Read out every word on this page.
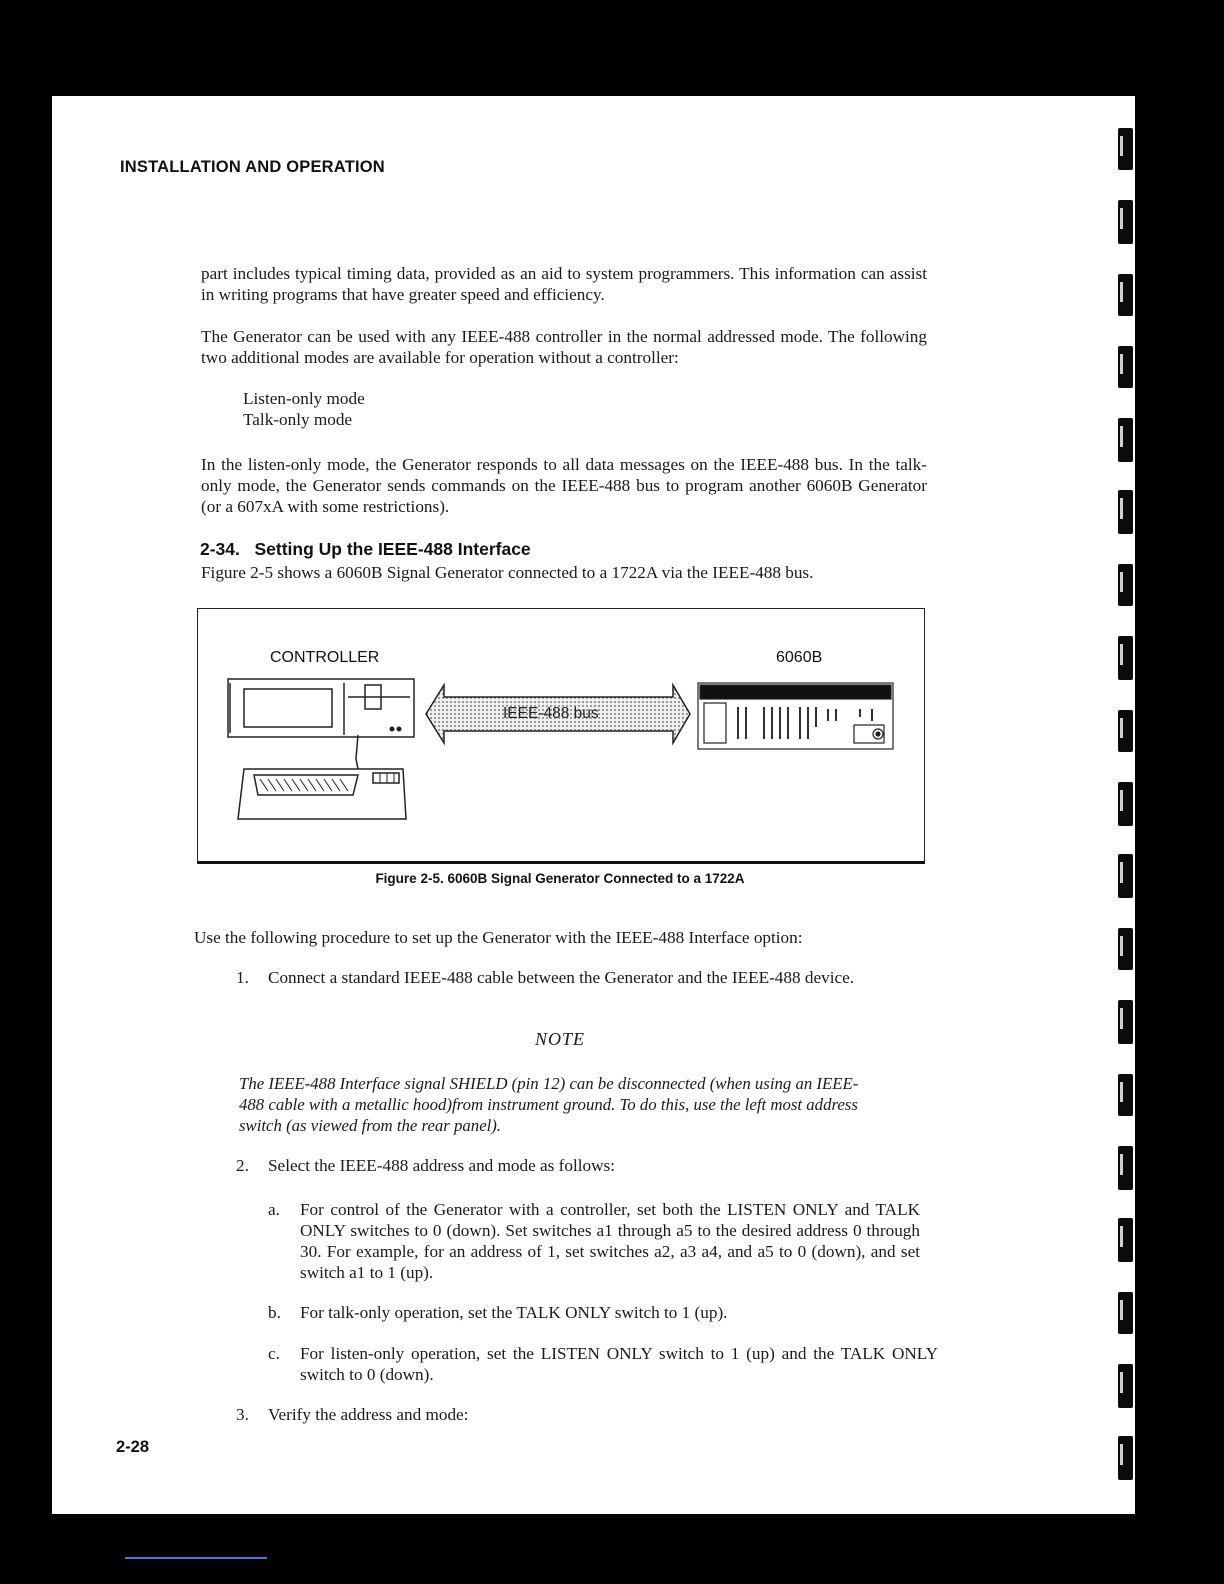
INSTALLATION AND OPERATION

part includes typical timing data, provided as an aid to system programmers. This information can assist in writing programs that have greater speed and efficiency.

The Generator can be used with any IEEE-488 controller in the normal addressed mode. The following two additional modes are available for operation without a controller:

Listen-only mode
Talk-only mode

In the listen-only mode, the Generator responds to all data messages on the IEEE-488 bus. In the talk-only mode, the Generator sends commands on the IEEE-488 bus to program another 6060B Generator (or a 607xA with some restrictions).

2-34.   Setting Up the IEEE-488 Interface

Figure 2-5 shows a 6060B Signal Generator connected to a 1722A via the IEEE-488 bus.

CONTROLLER	6060B
IEEE-488 bus
Figure 2-5. 6060B Signal Generator Connected to a 1722A

Use the following procedure to set up the Generator with the IEEE-488 Interface option:

1. Connect a standard IEEE-488 cable between the Generator and the IEEE-488 device.
NOTE

The IEEE-488 Interface signal SHIELD (pin 12) can be disconnected (when using an IEEE-488 cable with a metallic hood)from instrument ground. To do this, use the left most address switch (as viewed from the rear panel).

2. Select the IEEE-488 address and mode as follows:
a. For control of the Generator with a controller, set both the LISTEN ONLY and TALK ONLY switches to 0 (down). Set switches a1 through a5 to the desired address 0 through 30. For example, for an address of 1, set switches a2, a3 a4, and a5 to 0 (down), and set switch a1 to 1 (up).
b. For talk-only operation, set the TALK ONLY switch to 1 (up).
c. For listen-only operation, set the LISTEN ONLY switch to 1 (up) and the TALK ONLY switch to 0 (down).
3. Verify the address and mode:
2-28
